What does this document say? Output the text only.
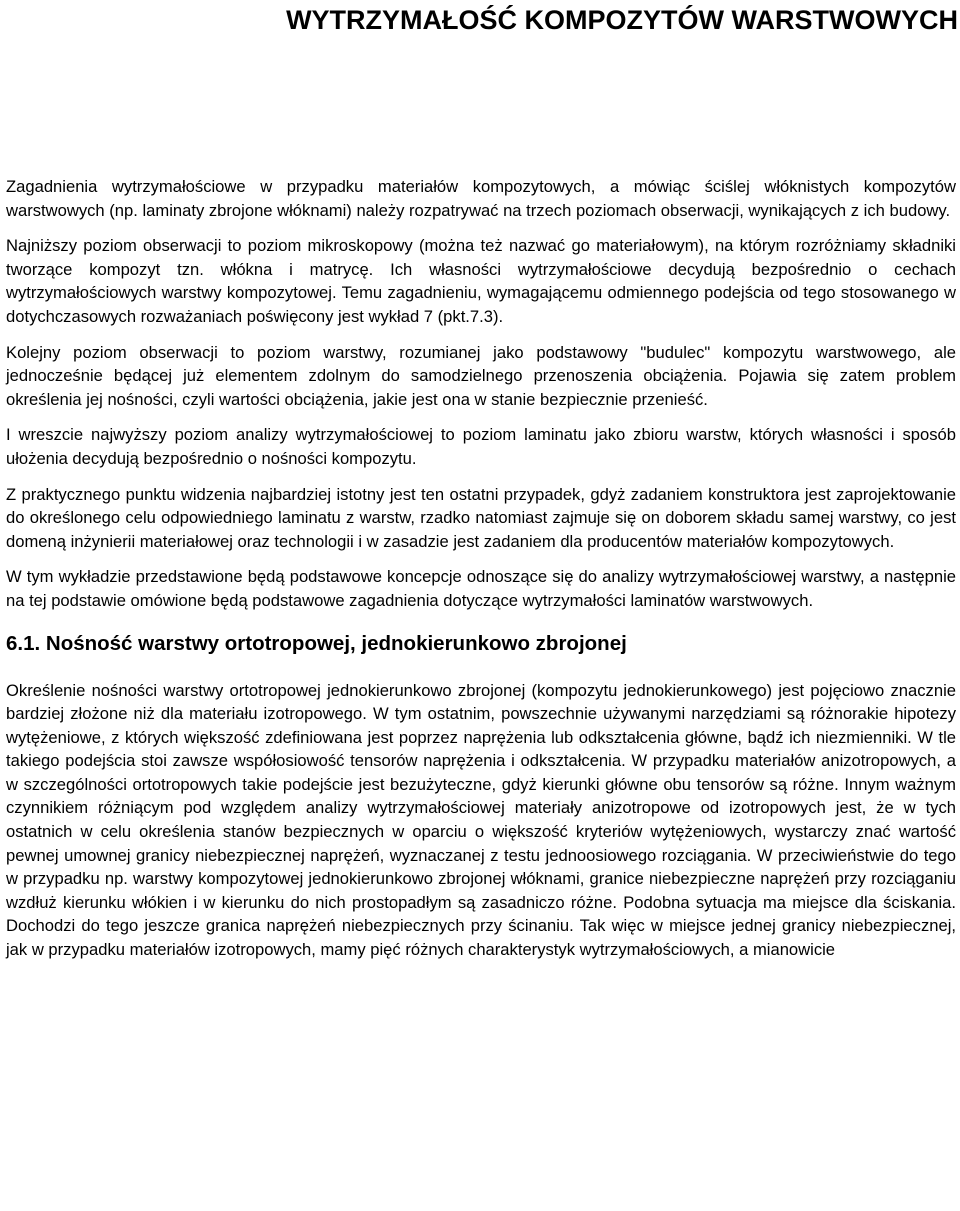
WYTRZYMAŁOŚĆ KOMPOZYTÓW WARSTWOWYCH

Zagadnienia wytrzymałościowe w przypadku materiałów kompozytowych, a mówiąc ściślej włóknistych kompozytów warstwowych (np. laminaty zbrojone włóknami) należy rozpatrywać na trzech poziomach obserwacji, wynikających z ich budowy.

Najniższy poziom obserwacji to poziom mikroskopowy (można też nazwać go materiałowym), na którym rozróżniamy składniki tworzące kompozyt tzn. włókna i matrycę. Ich własności wytrzymałościowe decydują bezpośrednio o cechach wytrzymałościowych warstwy kompozytowej. Temu zagadnieniu, wymagającemu odmiennego podejścia od tego stosowanego w dotychczasowych rozważaniach poświęcony jest wykład 7 (pkt.7.3).

Kolejny poziom obserwacji to poziom warstwy, rozumianej jako podstawowy "budulec" kompozytu warstwowego, ale jednocześnie będącej już elementem zdolnym do samodzielnego przenoszenia obciążenia. Pojawia się zatem problem określenia jej nośności, czyli wartości obciążenia, jakie jest ona w stanie bezpiecznie przenieść.

I wreszcie najwyższy poziom analizy wytrzymałościowej to poziom laminatu jako zbioru warstw, których własności i sposób ułożenia decydują bezpośrednio o nośności kompozytu.

Z praktycznego punktu widzenia najbardziej istotny jest ten ostatni przypadek, gdyż zadaniem konstruktora jest zaprojektowanie do określonego celu odpowiedniego laminatu z warstw, rzadko natomiast zajmuje się on doborem składu samej warstwy, co jest domeną inżynierii materiałowej oraz technologii i w zasadzie jest zadaniem dla producentów materiałów kompozytowych.

W tym wykładzie przedstawione będą podstawowe koncepcje odnoszące się do analizy wytrzymałościowej warstwy, a następnie na tej podstawie omówione będą podstawowe zagadnienia dotyczące wytrzymałości laminatów warstwowych.

6.1. Nośność warstwy ortotropowej, jednokierunkowo zbrojonej

Określenie nośności warstwy ortotropowej jednokierunkowo zbrojonej (kompozytu jednokierunkowego) jest pojęciowo znacznie bardziej złożone niż dla materiału izotropowego. W tym ostatnim, powszechnie używanymi narzędziami są różnorakie hipotezy wytężeniowe, z których większość zdefiniowana jest poprzez naprężenia lub odkształcenia główne, bądź ich niezmienniki. W tle takiego podejścia stoi zawsze współosiowość tensorów naprężenia i odkształcenia. W przypadku materiałów anizotropowych, a w szczególności ortotropowych takie podejście jest bezużyteczne, gdyż kierunki główne obu tensorów są różne. Innym ważnym czynnikiem różniącym pod względem analizy wytrzymałościowej materiały anizotropowe od izotropowych jest, że w tych ostatnich w celu określenia stanów bezpiecznych w oparciu o większość kryteriów wytężeniowych, wystarczy znać wartość pewnej umownej granicy niebezpiecznej naprężeń, wyznaczanej z testu jednoosiowego rozciągania. W przeciwieństwie do tego w przypadku np. warstwy kompozytowej jednokierunkowo zbrojonej włóknami, granice niebezpieczne naprężeń przy rozciąganiu wzdłuż kierunku włókien i w kierunku do nich prostopadłym są zasadniczo różne. Podobna sytuacja ma miejsce dla ściskania. Dochodzi do tego jeszcze granica naprężeń niebezpiecznych przy ścinaniu. Tak więc w miejsce jednej granicy niebezpiecznej, jak w przypadku materiałów izotropowych, mamy pięć różnych charakterystyk wytrzymałościowych, a mianowicie
